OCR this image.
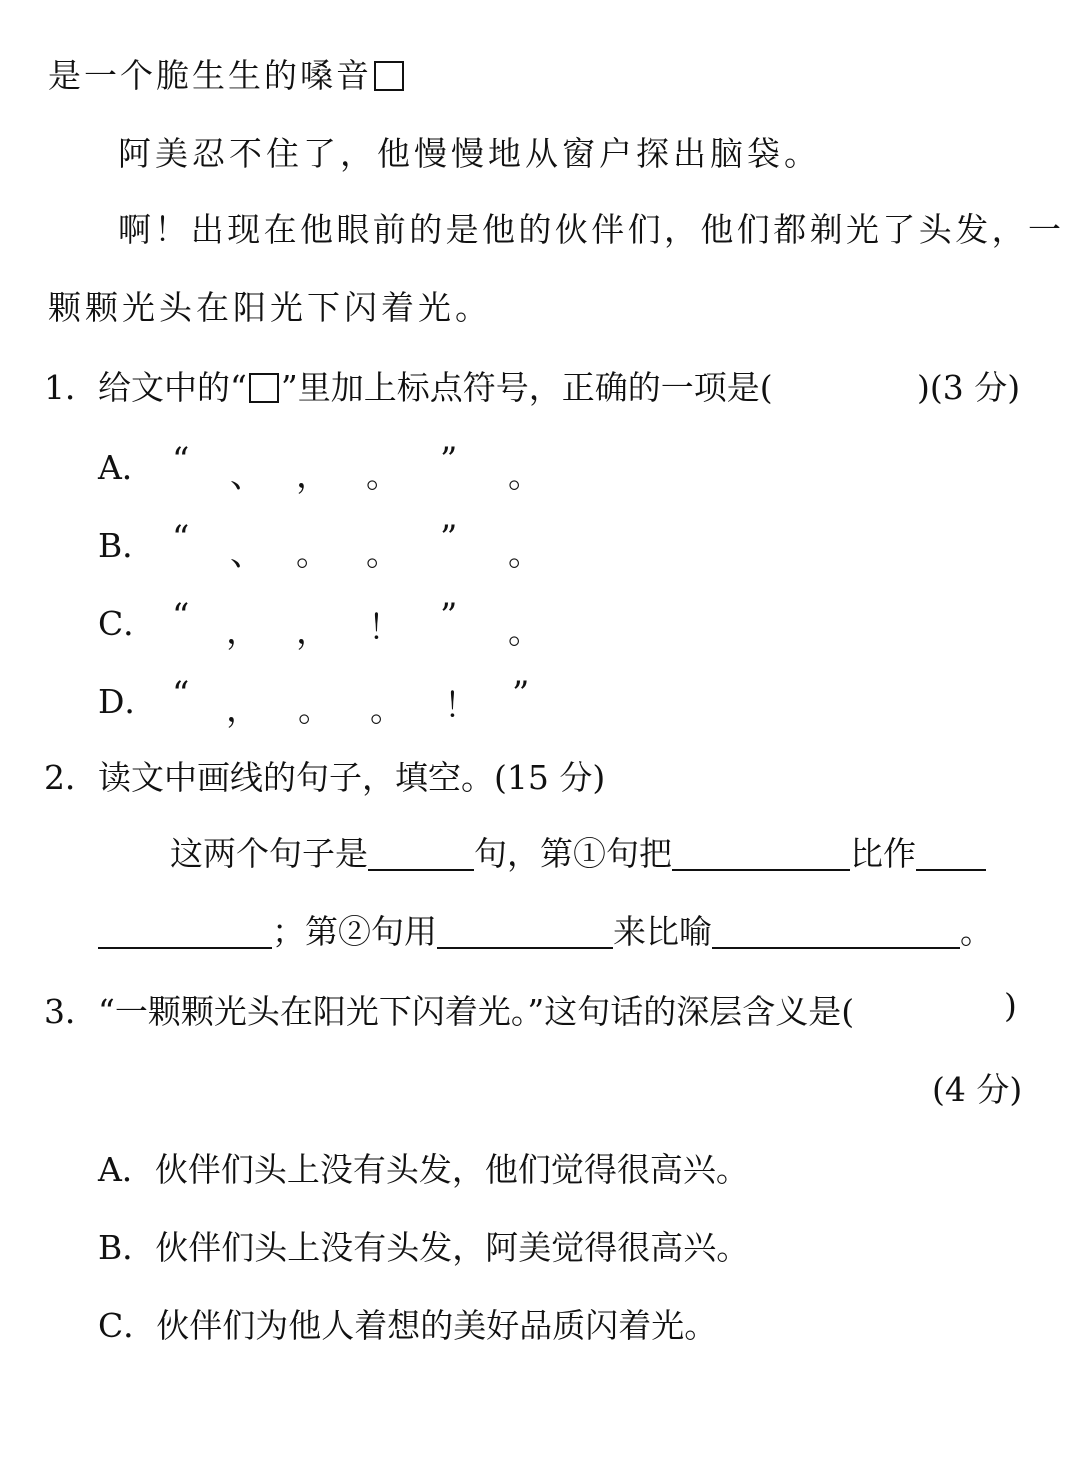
是一个脆生生的嗓音
阿美忍不住了，他慢慢地从窗户探出脑袋。
啊！出现在他眼前的是他的伙伴们，他们都剃光了头发，一
颗颗光头在阳光下闪着光。
1． 给文中的“ ”里加上标点符号，正确的一项是(	)(3 分)
A． “ 、 ， 。 ” 。
B． “ 、 。 。 ” 。
C． “ ， ， ！ ” 。
D． “ ， 。 。 ！ ”
2． 读文中画线的句子，填空。(15 分)
这两个句子是	句，第①句把	比作
；第②句用	来比喻	。
3． “一颗颗光头在阳光下闪着光。”这句话的深层含义是(	)
(4 分)
A．伙伴们头上没有头发，他们觉得很高兴。
B．伙伴们头上没有头发，阿美觉得很高兴。
C．伙伴们为他人着想的美好品质闪着光。
